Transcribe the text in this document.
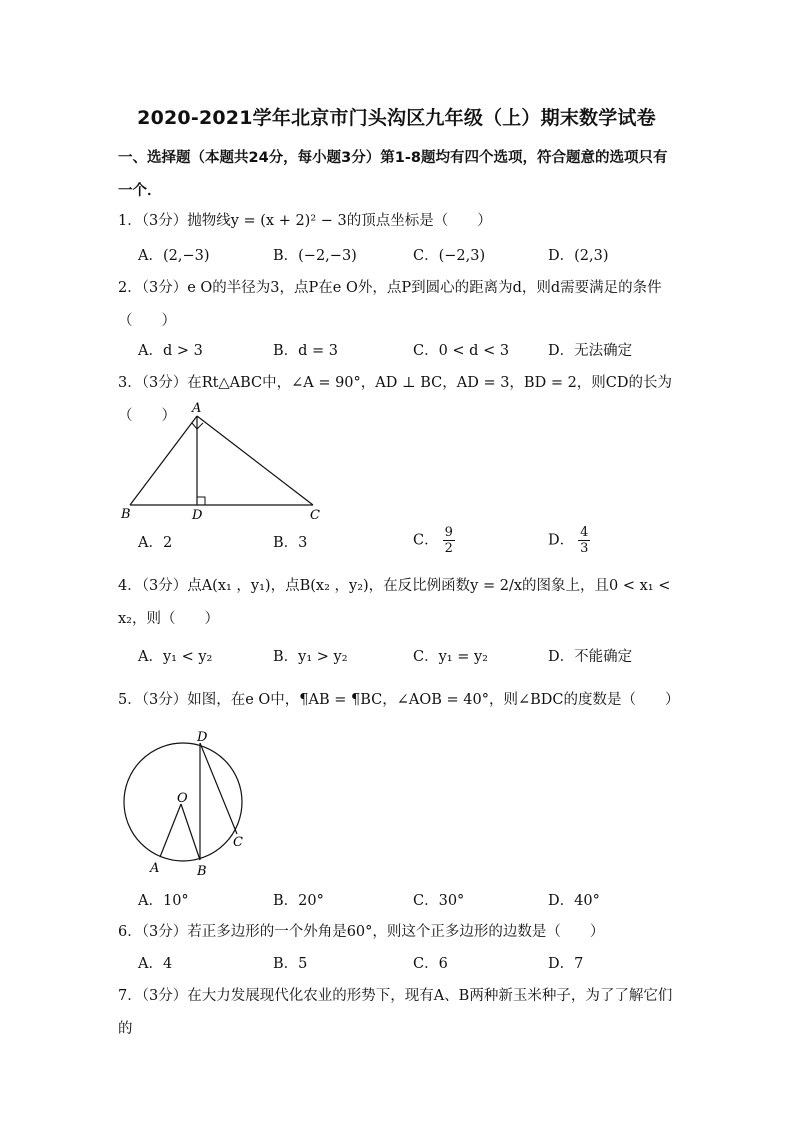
2020-2021学年北京市门头沟区九年级（上）期末数学试卷
一、选择题（本题共24分，每小题3分）第1-8题均有四个选项，符合题意的选项只有一个．
1．（3分）抛物线y = (x + 2)² − 3的顶点坐标是（　　）
A．(2,−3)	B．(−2,−3)	C．(−2,3)	D．(2,3)
2．（3分）e O的半径为3，点P在e O外，点P到圆心的距离为d，则d需要满足的条件（　　）
A．d > 3	B．d = 3	C．0 < d < 3	D．无法确定
3．（3分）在Rt△ABC中，∠A = 90°，AD ⊥ BC，AD = 3，BD = 2，则CD的长为（　　）	A
B	D	C
A．2	B．3	C． $\frac{9}{2}$	D． $\frac{4}{3}$
4．（3分）点A(x₁ ，y₁)，点B(x₂ ，y₂)，在反比例函数y = 2/x的图象上，且0 < x₁ < x₂，则（　　）
A．y₁ < y₂	B．y₁ > y₂	C．y₁ = y₂	D．不能确定
5．（3分）如图，在e O中，¶AB = ¶BC，∠AOB = 40°，则∠BDC的度数是（　　）
O
D
A	B
C
A．10°	B．20°	C．30°	D．40°
6．（3分）若正多边形的一个外角是60°，则这个正多边形的边数是（　　）
A．4	B．5	C．6	D．7
7．（3分）在大力发展现代化农业的形势下，现有A、B两种新玉米种子，为了了解它们的
